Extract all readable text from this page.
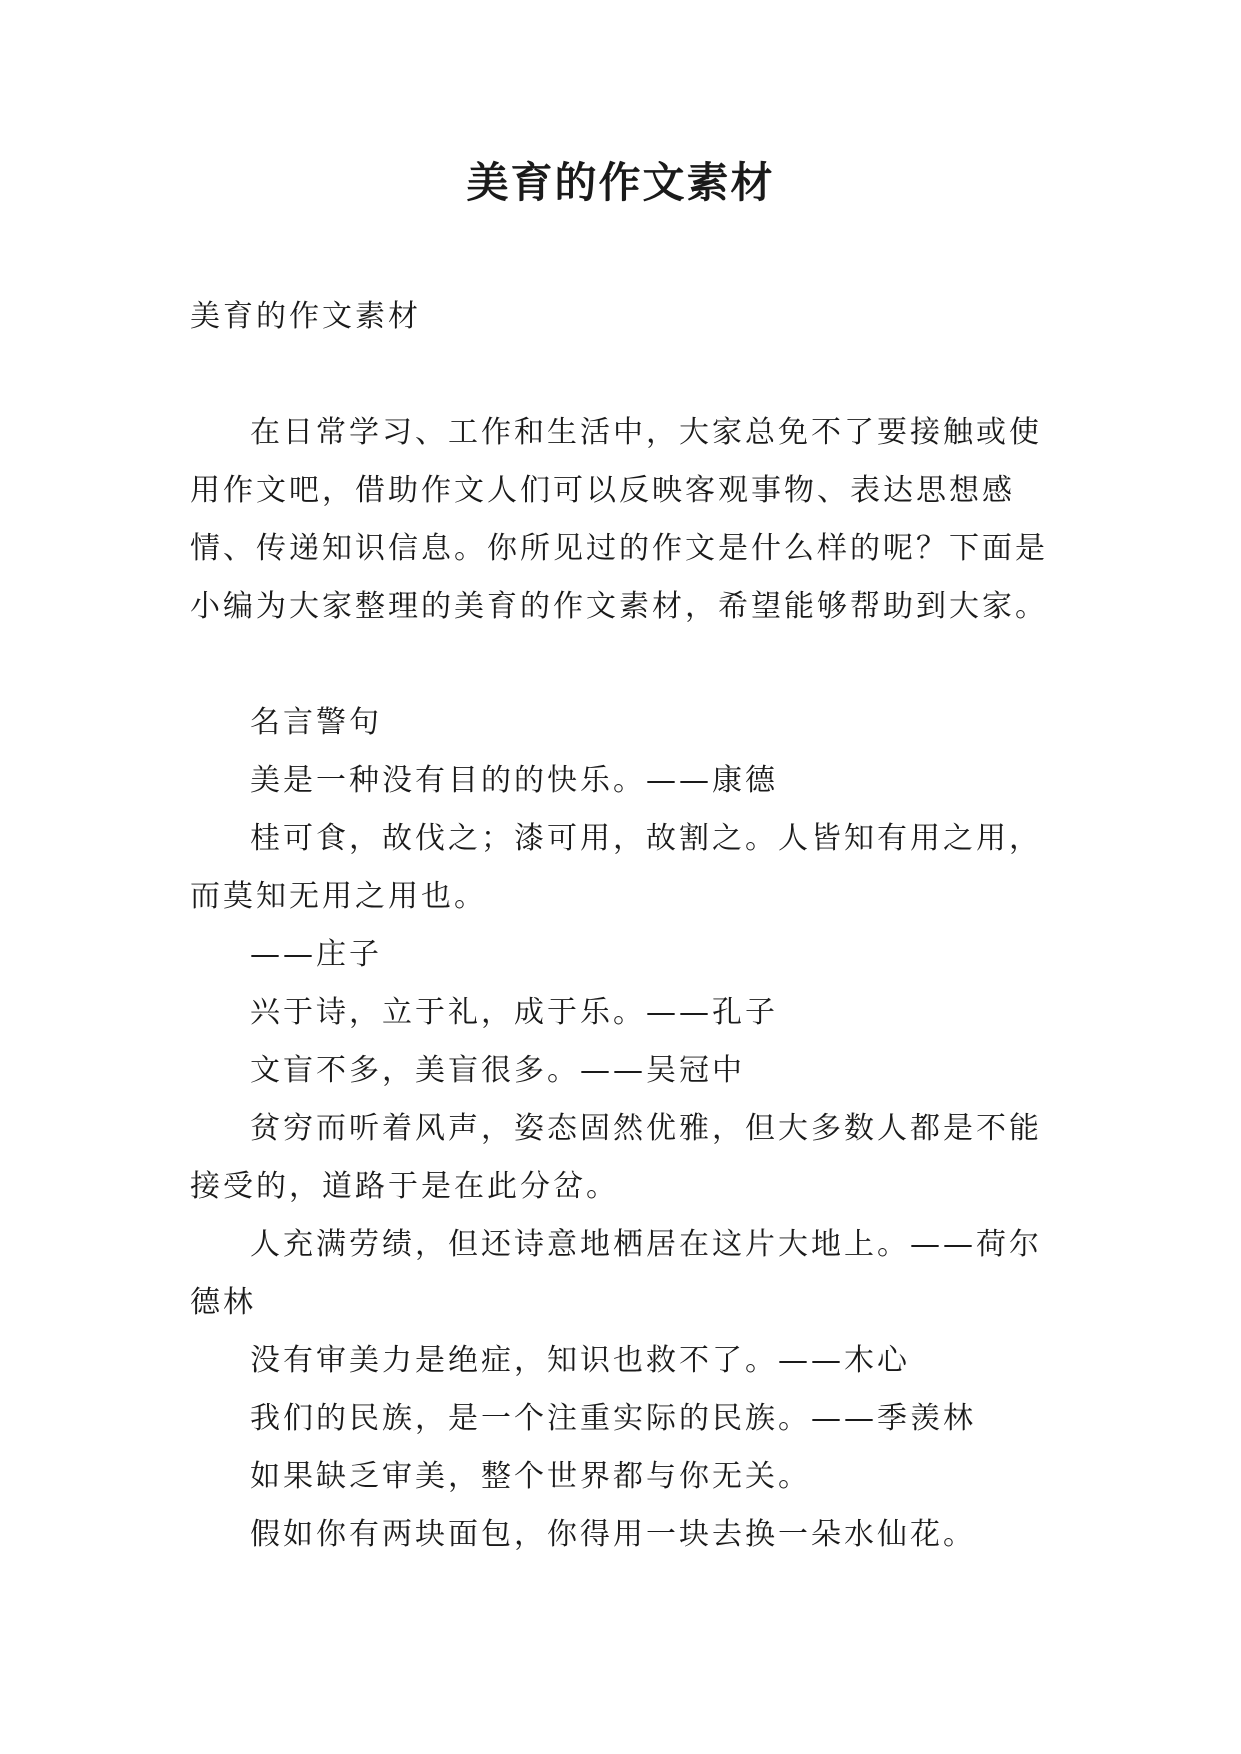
美育的作文素材

美育的作文素材

在日常学习、工作和生活中，大家总免不了要接触或使用作文吧，借助作文人们可以反映客观事物、表达思想感情、传递知识信息。你所见过的作文是什么样的呢？下面是小编为大家整理的美育的作文素材，希望能够帮助到大家。

名言警句

美是一种没有目的的快乐。——康德

桂可食，故伐之；漆可用，故割之。人皆知有用之用，而莫知无用之用也。

——庄子

兴于诗，立于礼，成于乐。——孔子

文盲不多，美盲很多。——吴冠中

贫穷而听着风声，姿态固然优雅，但大多数人都是不能接受的，道路于是在此分岔。

人充满劳绩，但还诗意地栖居在这片大地上。——荷尔德林

没有审美力是绝症，知识也救不了。——木心

我们的民族，是一个注重实际的民族。——季羡林

如果缺乏审美，整个世界都与你无关。

假如你有两块面包，你得用一块去换一朵水仙花。
